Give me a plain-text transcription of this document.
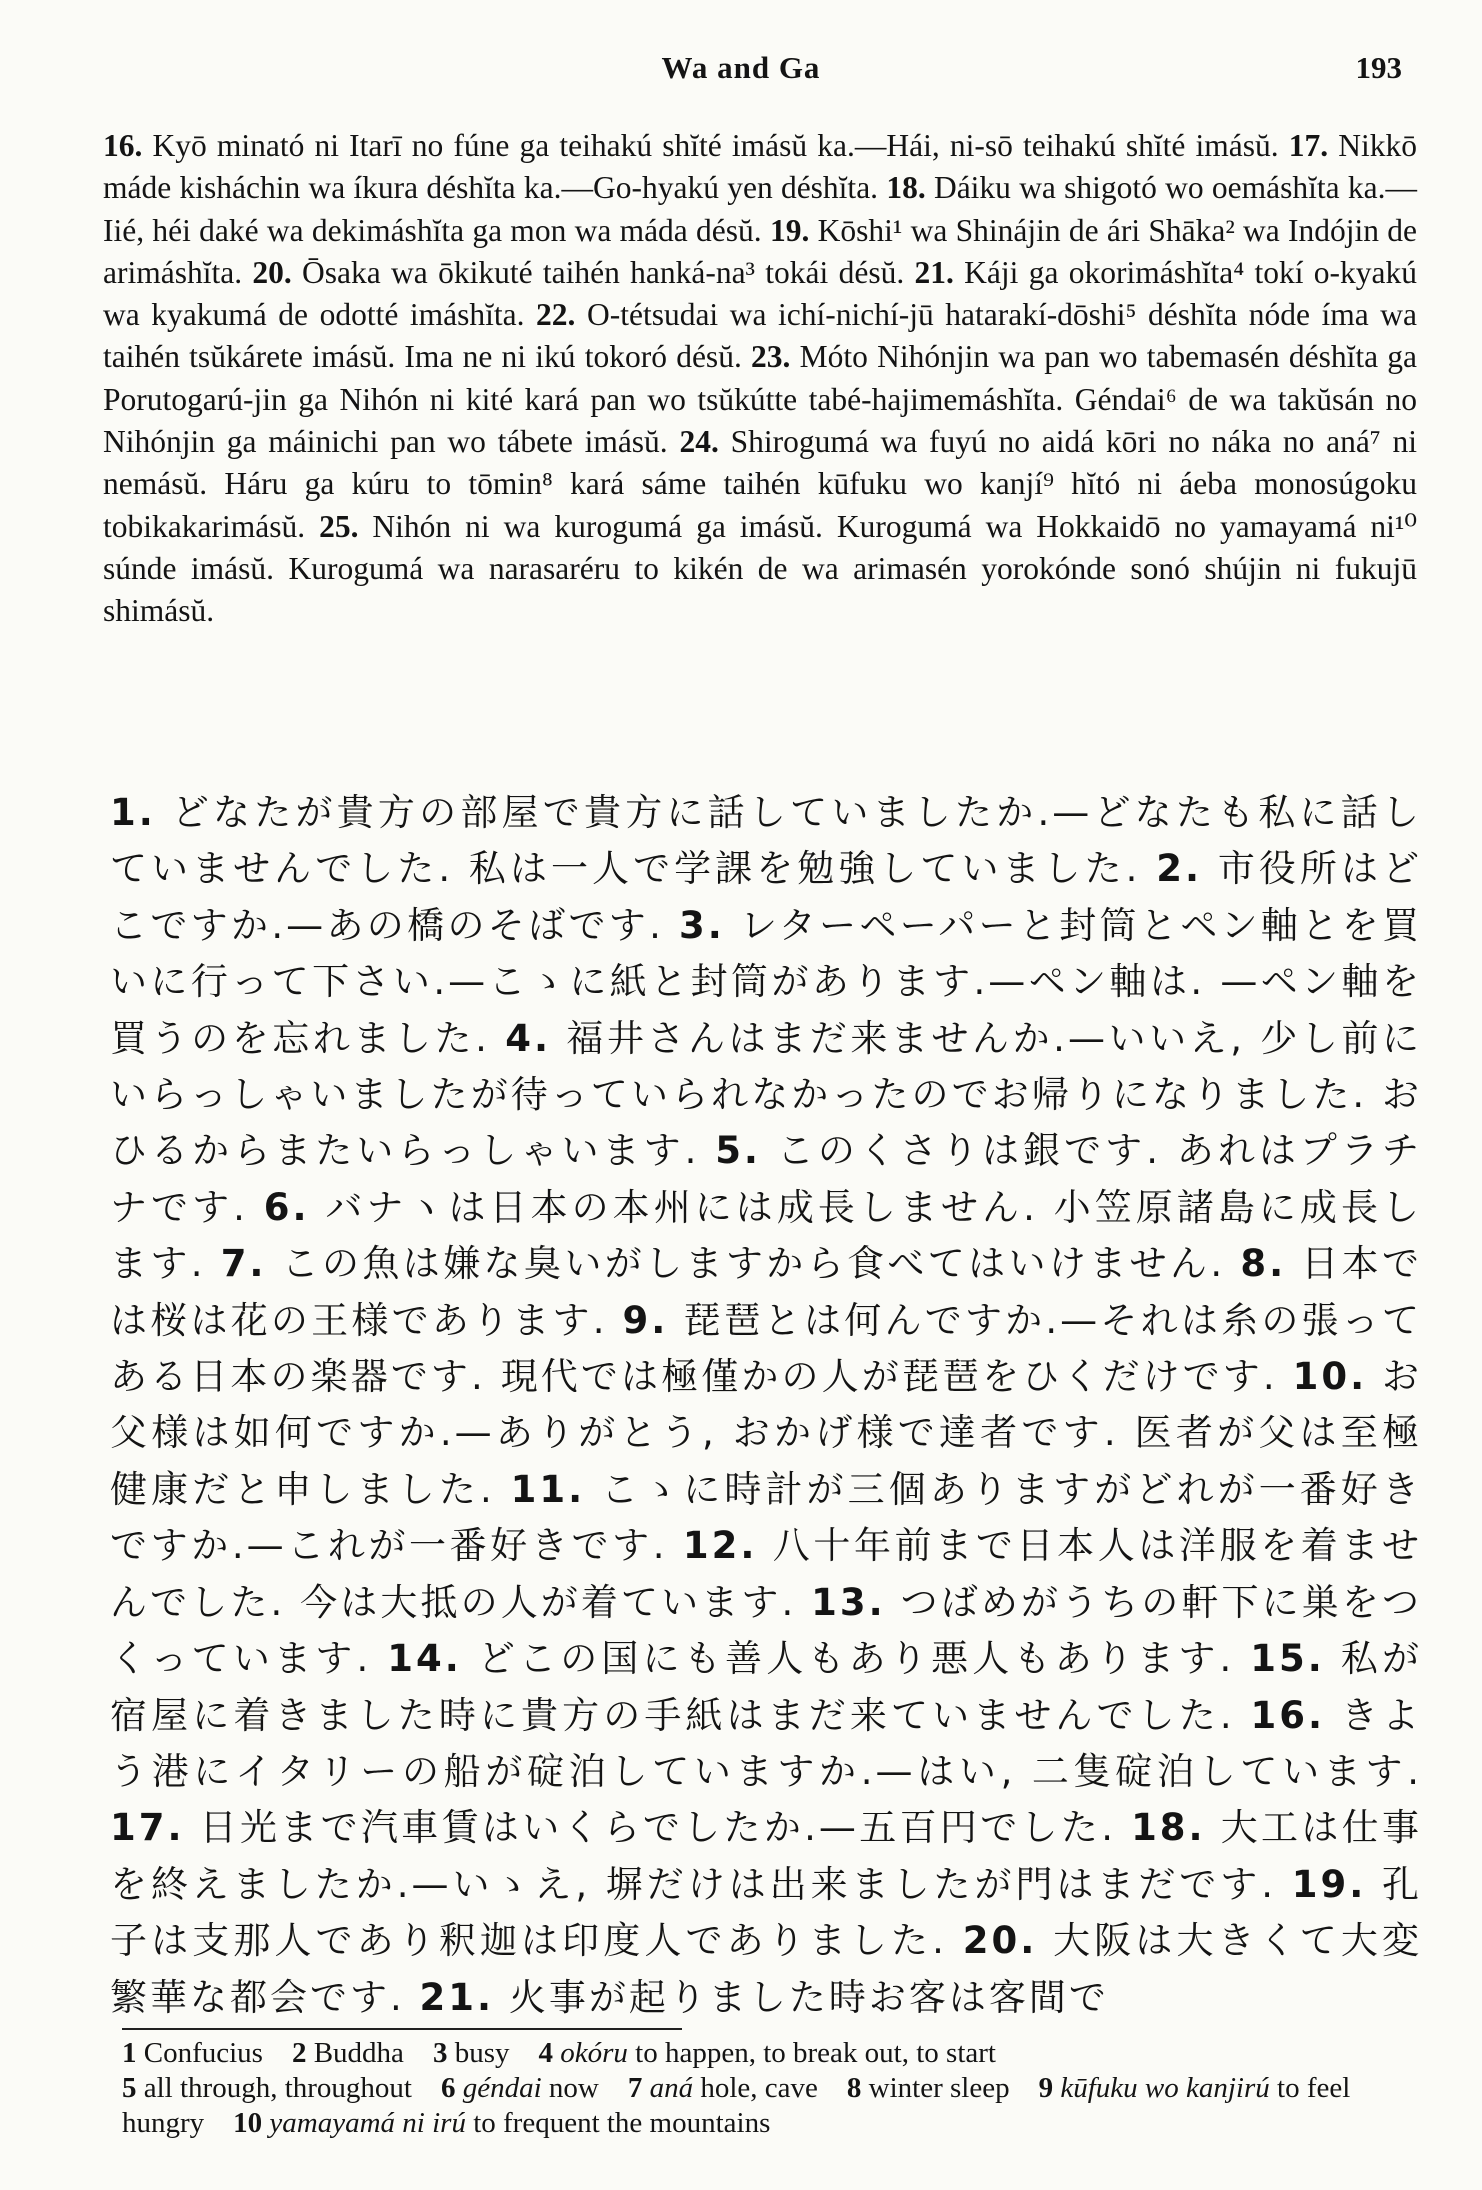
Wa and Ga	193
16. Kyō minató ni Itarī no fúne ga teihakú shĭté imásŭ ka.—Hái, ni-sō teihakú shĭté imásŭ. 17. Nikkō máde kisháchin wa íkura déshĭta ka.—Go-hyakú yen déshĭta. 18. Dáiku wa shigotó wo oemáshĭta ka.—Iié, héi daké wa dekimáshĭta ga mon wa máda désŭ. 19. Kōshi¹ wa Shinájin de ári Shāka² wa Indójin de arimáshĭta. 20. Ōsaka wa ōkikuté taihén hanká-na³ tokái désŭ. 21. Káji ga okorimáshĭta⁴ tokí o-kyakú wa kyakumá de odotté imáshĭta. 22. O-tétsudai wa ichí-nichí-jū hatarakí-dōshi⁵ déshĭta nóde íma wa taihén tsŭkárete imásŭ. Ima ne ni ikú tokoró désŭ. 23. Móto Nihónjin wa pan wo tabemasén déshĭta ga Porutogarú-jin ga Nihón ni kité kará pan wo tsŭkútte tabé-hajimemáshĭta. Géndai⁶ de wa takŭsán no Nihónjin ga máinichi pan wo tábete imásŭ. 24. Shirogumá wa fuyú no aidá kōri no náka no aná⁷ ni nemásŭ. Háru ga kúru to tōmin⁸ kará sáme taihén kūfuku wo kanjí⁹ hĭtó ni áeba monosúgoku tobikakarimásŭ. 25. Nihón ni wa kurogumá ga imásŭ. Kurogumá wa Hokkaidō no yamayamá ni¹⁰ súnde imásŭ. Kurogumá wa narasaréru to kikén de wa arimasén yorokónde sonó shújin ni fukujū shimásŭ.
1. どなたが貴方の部屋で貴方に話していましたか.—どなたも私に話していませんでした. 私は一人で学課を勉強していました. 2. 市役所はどこですか.—あの橋のそばです. 3. レターペーパーと封筒とペン軸とを買いに行って下さい.—こゝに紙と封筒があります.—ペン軸は. —ペン軸を買うのを忘れました. 4. 福井さんはまだ来ませんか.—いいえ, 少し前にいらっしゃいましたが待っていられなかったのでお帰りになりました. おひるからまたいらっしゃいます. 5. このくさりは銀です. あれはプラチナです. 6. バナヽは日本の本州には成長しません. 小笠原諸島に成長します. 7. この魚は嫌な臭いがしますから食べてはいけません. 8. 日本では桜は花の王様であります. 9. 琵琶とは何んですか.—それは糸の張ってある日本の楽器です. 現代では極僅かの人が琵琶をひくだけです. 10. お父様は如何ですか.—ありがとう, おかげ様で達者です. 医者が父は至極健康だと申しました. 11. こゝに時計が三個ありますがどれが一番好きですか.—これが一番好きです. 12. 八十年前まで日本人は洋服を着ませんでした. 今は大抵の人が着ています. 13. つばめがうちの軒下に巣をつくっています. 14. どこの国にも善人もあり悪人もあります. 15. 私が宿屋に着きました時に貴方の手紙はまだ来ていませんでした. 16. きよう港にイタリーの船が碇泊していますか.—はい, 二隻碇泊しています. 17. 日光まで汽車賃はいくらでしたか.—五百円でした. 18. 大工は仕事を終えましたか.—いゝえ, 塀だけは出来ましたが門はまだです. 19. 孔子は支那人であり釈迦は印度人でありました. 20. 大阪は大きくて大変繁華な都会です. 21. 火事が起りました時お客は客間で
1 Confucius 2 Buddha 3 busy 4 okóru to happen, to break out, to start
5 all through, throughout 6 géndai now 7 aná hole, cave 8 winter sleep 9 kūfuku wo kanjirú to feel hungry 10 yamayamá ni irú to frequent the mountains
